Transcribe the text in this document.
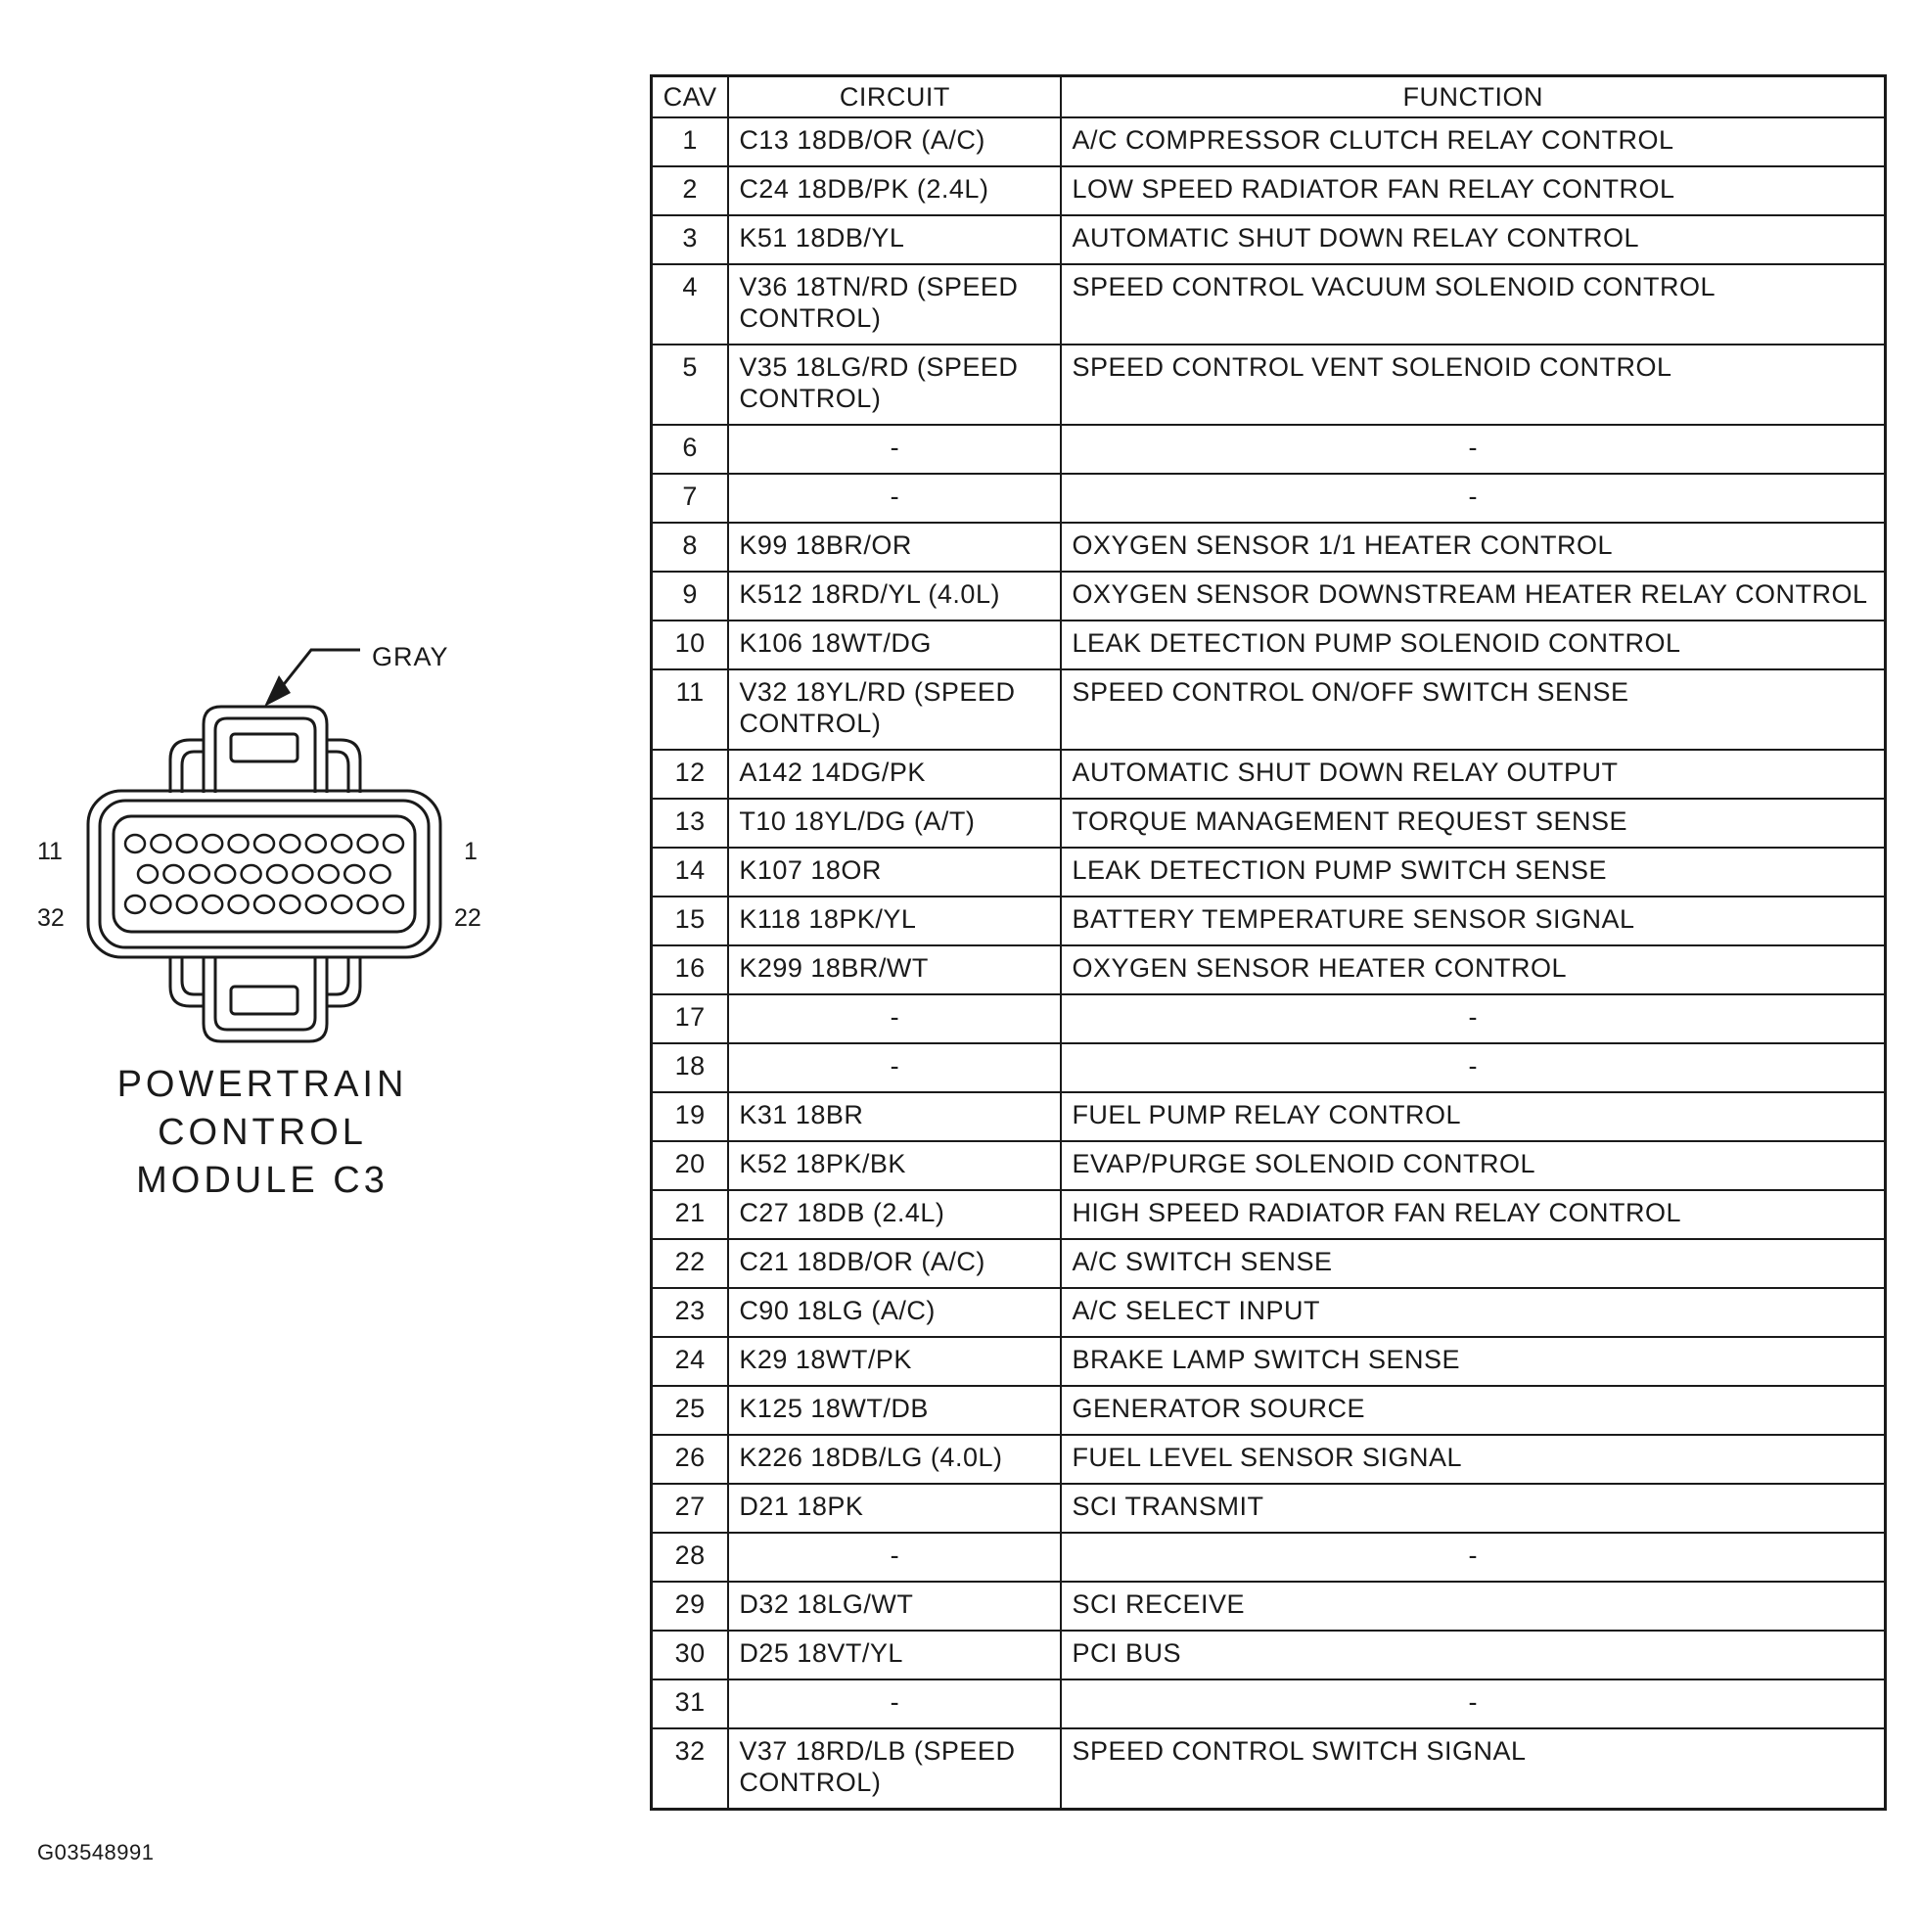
GRAY
11	1
32	22
POWERTRAIN
CONTROL
MODULE C3
CAV	CIRCUIT	FUNCTION
1	C13 18DB/OR (A/C)	A/C COMPRESSOR CLUTCH RELAY CONTROL
2	C24 18DB/PK (2.4L)	LOW SPEED RADIATOR FAN RELAY CONTROL
3	K51 18DB/YL	AUTOMATIC SHUT DOWN RELAY CONTROL
4	V36 18TN/RD (SPEED CONTROL)	SPEED CONTROL VACUUM SOLENOID CONTROL
5	V35 18LG/RD (SPEED CONTROL)	SPEED CONTROL VENT SOLENOID CONTROL
6	-	-
7	-	-
8	K99 18BR/OR	OXYGEN SENSOR 1/1 HEATER CONTROL
9	K512 18RD/YL (4.0L)	OXYGEN SENSOR DOWNSTREAM HEATER RELAY CONTROL
10	K106 18WT/DG	LEAK DETECTION PUMP SOLENOID CONTROL
11	V32 18YL/RD (SPEED CONTROL)	SPEED CONTROL ON/OFF SWITCH SENSE
12	A142 14DG/PK	AUTOMATIC SHUT DOWN RELAY OUTPUT
13	T10 18YL/DG (A/T)	TORQUE MANAGEMENT REQUEST SENSE
14	K107 18OR	LEAK DETECTION PUMP SWITCH SENSE
15	K118 18PK/YL	BATTERY TEMPERATURE SENSOR SIGNAL
16	K299 18BR/WT	OXYGEN SENSOR HEATER CONTROL
17	-	-
18	-	-
19	K31 18BR	FUEL PUMP RELAY CONTROL
20	K52 18PK/BK	EVAP/PURGE SOLENOID CONTROL
21	C27 18DB (2.4L)	HIGH SPEED RADIATOR FAN RELAY CONTROL
22	C21 18DB/OR (A/C)	A/C SWITCH SENSE
23	C90 18LG (A/C)	A/C SELECT INPUT
24	K29 18WT/PK	BRAKE LAMP SWITCH SENSE
25	K125 18WT/DB	GENERATOR SOURCE
26	K226 18DB/LG (4.0L)	FUEL LEVEL SENSOR SIGNAL
27	D21 18PK	SCI TRANSMIT
28	-	-
29	D32 18LG/WT	SCI RECEIVE
30	D25 18VT/YL	PCI BUS
31	-	-
32	V37 18RD/LB (SPEED CONTROL)	SPEED CONTROL SWITCH SIGNAL
G03548991
